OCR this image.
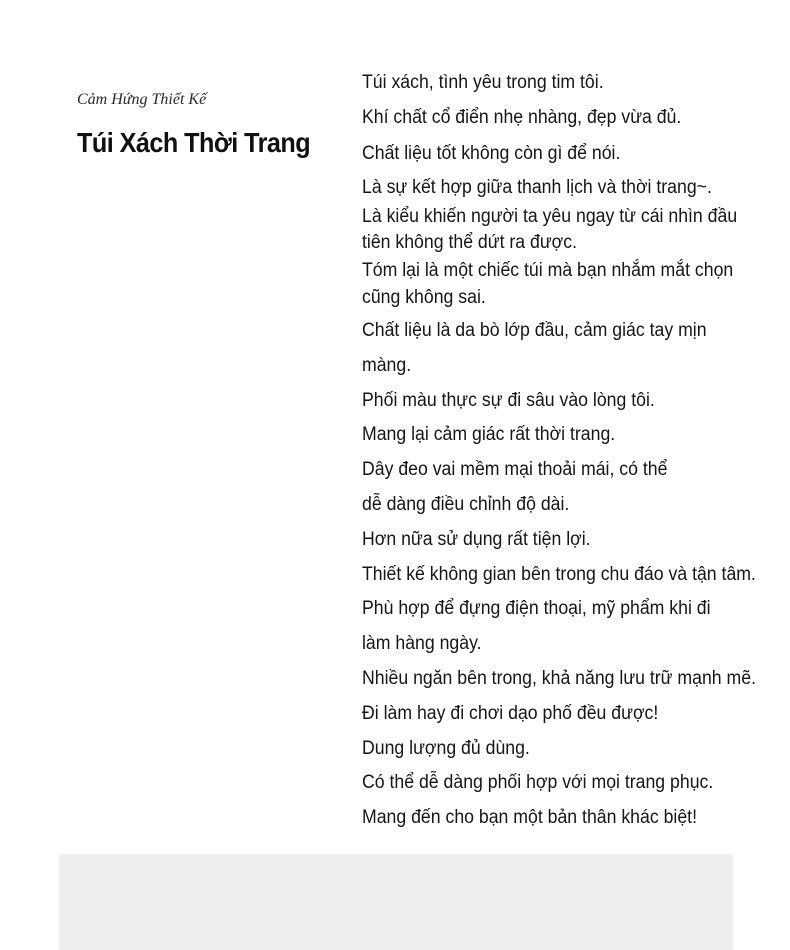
Cảm Hứng Thiết Kế
Túi Xách Thời Trang
Túi xách, tình yêu trong tim tôi.
Khí chất cổ điển nhẹ nhàng, đẹp vừa đủ.
Chất liệu tốt không còn gì để nói.
Là sự kết hợp giữa thanh lịch và thời trang~.
Là kiểu khiến người ta yêu ngay từ cái nhìn đầu
tiên không thể dứt ra được.
Tóm lại là một chiếc túi mà bạn nhắm mắt chọn
cũng không sai.
Chất liệu là da bò lớp đầu, cảm giác tay mịn
màng.
Phối màu thực sự đi sâu vào lòng tôi.
Mang lại cảm giác rất thời trang.
Dây đeo vai mềm mại thoải mái, có thể
dễ dàng điều chỉnh độ dài.
Hơn nữa sử dụng rất tiện lợi.
Thiết kế không gian bên trong chu đáo và tận tâm.
Phù hợp để đựng điện thoại, mỹ phẩm khi đi
làm hàng ngày.
Nhiều ngăn bên trong, khả năng lưu trữ mạnh mẽ.
Đi làm hay đi chơi dạo phố đều được!
Dung lượng đủ dùng.
Có thể dễ dàng phối hợp với mọi trang phục.
Mang đến cho bạn một bản thân khác biệt!
